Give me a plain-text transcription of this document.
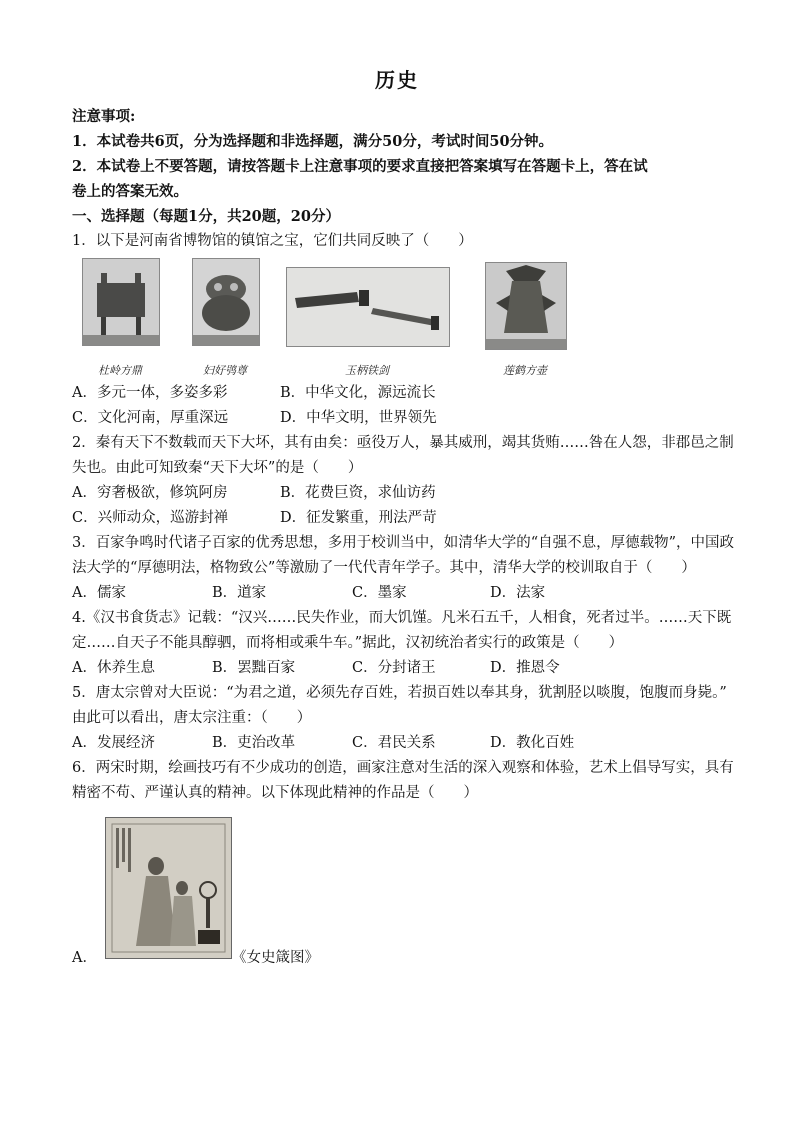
历史
注意事项:
1．本试卷共6页，分为选择题和非选择题，满分50分，考试时间50分钟。
2．本试卷上不要答题，请按答题卡上注意事项的要求直接把答案填写在答题卡上，答在试
卷上的答案无效。
一、选择题（每题1分，共20题，20分）
1．以下是河南省博物馆的镇馆之宝，它们共同反映了（　　）
杜岭方鼎	妇好鸮尊	玉柄铁剑	莲鹤方壶
A．多元一体，多姿多彩	B．中华文化，源远流长
C．文化河南，厚重深远	D．中华文明，世界领先
2．秦有天下不数载而天下大坏，其有由矣：亟役万人，暴其威刑，竭其货贿……咎在人怨，非郡邑之制
失也。由此可知致秦“天下大坏”的是（　　）
A．穷奢极欲，修筑阿房	B．花费巨资，求仙访药
C．兴师动众，巡游封禅	D．征发繁重，刑法严苛
3．百家争鸣时代诸子百家的优秀思想，多用于校训当中，如清华大学的“自强不息，厚德载物”，中国政
法大学的“厚德明法，格物致公”等激励了一代代青年学子。其中，清华大学的校训取自于（　　）
A．儒家	B．道家	C．墨家	D．法家
4.《汉书食货志》记载：“汉兴……民失作业，而大饥馑。凡米石五千，人相食，死者过半。……天下既
定……自天子不能具醇驷，而将相或乘牛车。”据此，汉初统治者实行的政策是（　　）
A．休养生息	B．罢黜百家	C．分封诸王	D．推恩令
5．唐太宗曾对大臣说：“为君之道，必须先存百姓，若损百姓以奉其身，犹割胫以啖腹，饱腹而身毙。”
由此可以看出，唐太宗注重：（　　）
A．发展经济	B．吏治改革	C．君民关系	D．教化百姓
6．两宋时期，绘画技巧有不少成功的创造，画家注意对生活的深入观察和体验，艺术上倡导写实，具有
精密不苟、严谨认真的精神。以下体现此精神的作品是（　　）
A．	《女史箴图》
